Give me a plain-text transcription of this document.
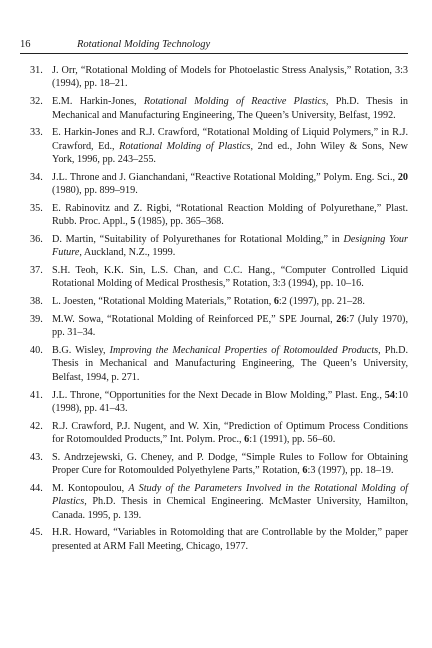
16	Rotational Molding Technology
31. J. Orr, “Rotational Molding of Models for Photoelastic Stress Analysis,” Rotation, 3:3 (1994), pp. 18–21.
32. E.M. Harkin-Jones, Rotational Molding of Reactive Plastics, Ph.D. Thesis in Mechanical and Manufacturing Engineering, The Queen’s University, Belfast, 1992.
33. E. Harkin-Jones and R.J. Crawford, “Rotational Molding of Liquid Polymers,” in R.J. Crawford, Ed., Rotational Molding of Plastics, 2nd ed., John Wiley & Sons, New York, 1996, pp. 243–255.
34. J.L. Throne and J. Gianchandani, “Reactive Rotational Molding,” Polym. Eng. Sci., 20 (1980), pp. 899–919.
35. E. Rabinovitz and Z. Rigbi, “Rotational Reaction Molding of Polyurethane,” Plast. Rubb. Proc. Appl., 5 (1985), pp. 365–368.
36. D. Martin, “Suitability of Polyurethanes for Rotational Molding,” in Designing Your Future, Auckland, N.Z., 1999.
37. S.H. Teoh, K.K. Sin, L.S. Chan, and C.C. Hang., “Computer Controlled Liquid Rotational Molding of Medical Prosthesis,” Rotation, 3:3 (1994), pp. 10–16.
38. L. Joesten, “Rotational Molding Materials,” Rotation, 6:2 (1997), pp. 21–28.
39. M.W. Sowa, “Rotational Molding of Reinforced PE,” SPE Journal, 26:7 (July 1970), pp. 31–34.
40. B.G. Wisley, Improving the Mechanical Properties of Rotomoulded Products, Ph.D. Thesis in Mechanical and Manufacturing Engineering, The Queen’s University, Belfast, 1994, p. 271.
41. J.L. Throne, “Opportunities for the Next Decade in Blow Molding,” Plast. Eng., 54:10 (1998), pp. 41–43.
42. R.J. Crawford, P.J. Nugent, and W. Xin, “Prediction of Optimum Process Conditions for Rotomoulded Products,” Int. Polym. Proc., 6:1 (1991), pp. 56–60.
43. S. Andrzejewski, G. Cheney, and P. Dodge, “Simple Rules to Follow for Obtaining Proper Cure for Rotomoulded Polyethylene Parts,” Rotation, 6:3 (1997), pp. 18–19.
44. M. Kontopoulou, A Study of the Parameters Involved in the Rotational Molding of Plastics, Ph.D. Thesis in Chemical Engineering. McMaster University, Hamilton, Canada. 1995, p. 139.
45. H.R. Howard, “Variables in Rotomolding that are Controllable by the Molder,” paper presented at ARM Fall Meeting, Chicago, 1977.
